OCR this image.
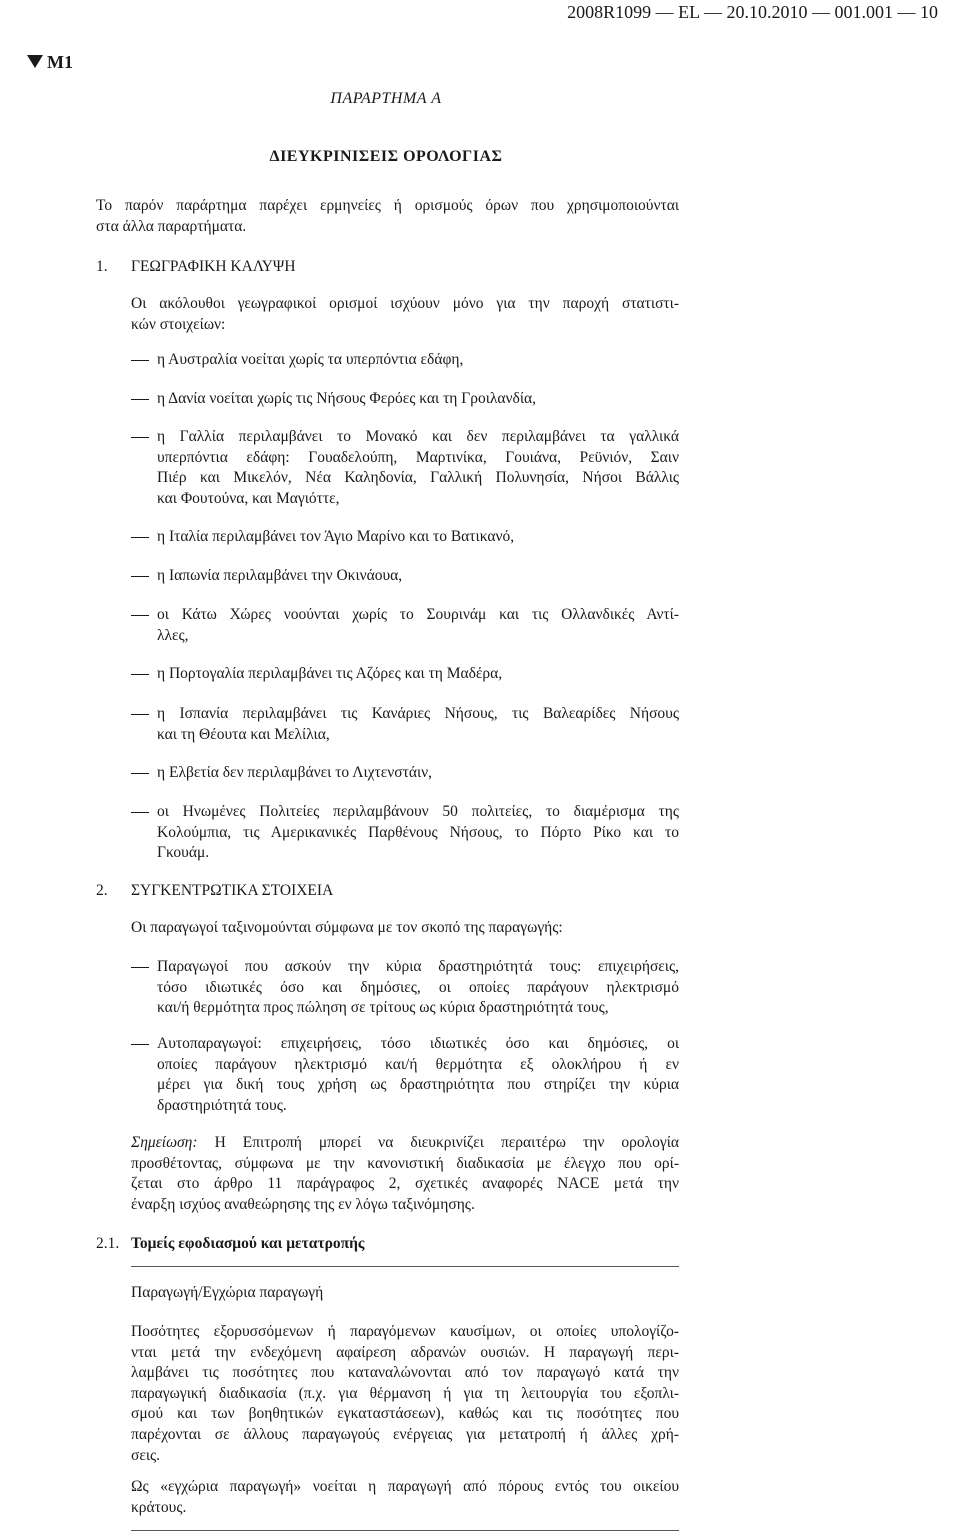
2008R1099 — EL — 20.10.2010 — 001.001 — 10
M1
ΠΑΡΑΡΤΗΜΑ A
ΔΙΕΥΚΡΙΝΙΣΕΙΣ ΟΡΟΛΟΓΙΑΣ
Το παρόν παράρτημα παρέχει ερμηνείες ή ορισμούς όρων που χρησιμοποιούνται
στα άλλα παραρτήματα.
1. ΓΕΩΓΡΑΦΙΚΗ ΚΑΛΥΨΗ
Οι ακόλουθοι γεωγραφικοί ορισμοί ισχύουν μόνο για την παροχή στατιστι-
κών στοιχείων:
η Αυστραλία νοείται χωρίς τα υπερπόντια εδάφη,
η Δανία νοείται χωρίς τις Νήσους Φερόες και τη Γροιλανδία,
η Γαλλία περιλαμβάνει το Μονακό και δεν περιλαμβάνει τα γαλλικά
υπερπόντια εδάφη: Γουαδελούπη, Μαρτινίκα, Γουιάνα, Ρεϋνιόν, Σαιν
Πιέρ και Μικελόν, Νέα Καληδονία, Γαλλική Πολυνησία, Νήσοι Βάλλις
και Φουτούνα, και Μαγιόττε,
η Ιταλία περιλαμβάνει τον Άγιο Μαρίνο και το Βατικανό,
η Ιαπωνία περιλαμβάνει την Οκινάουα,
οι Κάτω Χώρες νοούνται χωρίς το Σουρινάμ και τις Ολλανδικές Αντί-
λλες,
η Πορτογαλία περιλαμβάνει τις Αζόρες και τη Μαδέρα,
η Ισπανία περιλαμβάνει τις Κανάριες Νήσους, τις Βαλεαρίδες Νήσους
και τη Θέουτα και Μελίλια,
η Ελβετία δεν περιλαμβάνει το Λιχτενστάιν,
οι Ηνωμένες Πολιτείες περιλαμβάνουν 50 πολιτείες, το διαμέρισμα της
Κολούμπια, τις Αμερικανικές Παρθένους Νήσους, το Πόρτο Ρίκο και το
Γκουάμ.
2. ΣΥΓΚΕΝΤΡΩΤΙΚΑ ΣΤΟΙΧΕΙΑ
Οι παραγωγοί ταξινομούνται σύμφωνα με τον σκοπό της παραγωγής:
Παραγωγοί που ασκούν την κύρια δραστηριότητά τους: επιχειρήσεις,
τόσο ιδιωτικές όσο και δημόσιες, οι οποίες παράγουν ηλεκτρισμό
και/ή θερμότητα προς πώληση σε τρίτους ως κύρια δραστηριότητά τους,
Αυτοπαραγωγοί: επιχειρήσεις, τόσο ιδιωτικές όσο και δημόσιες, οι
οποίες παράγουν ηλεκτρισμό και/ή θερμότητα εξ ολοκλήρου ή εν
μέρει για δική τους χρήση ως δραστηριότητα που στηρίζει την κύρια
δραστηριότητά τους.
Σημείωση: Η Επιτροπή μπορεί να διευκρινίζει περαιτέρω την ορολογία
προσθέτοντας, σύμφωνα με την κανονιστική διαδικασία με έλεγχο που ορί-
ζεται στο άρθρο 11 παράγραφος 2, σχετικές αναφορές NACE μετά την
έναρξη ισχύος αναθεώρησης της εν λόγω ταξινόμησης.
2.1. Τομείς εφοδιασμού και μετατροπής
Παραγωγή/Εγχώρια παραγωγή
Ποσότητες εξορυσσόμενων ή παραγόμενων καυσίμων, οι οποίες υπολογίζο-
νται μετά την ενδεχόμενη αφαίρεση αδρανών ουσιών. Η παραγωγή περι-
λαμβάνει τις ποσότητες που καταναλώνονται από τον παραγωγό κατά την
παραγωγική διαδικασία (π.χ. για θέρμανση ή για τη λειτουργία του εξοπλι-
σμού και των βοηθητικών εγκαταστάσεων), καθώς και τις ποσότητες που
παρέχονται σε άλλους παραγωγούς ενέργειας για μετατροπή ή άλλες χρή-
σεις.
Ως «εγχώρια παραγωγή» νοείται η παραγωγή από πόρους εντός του οικείου
κράτους.
